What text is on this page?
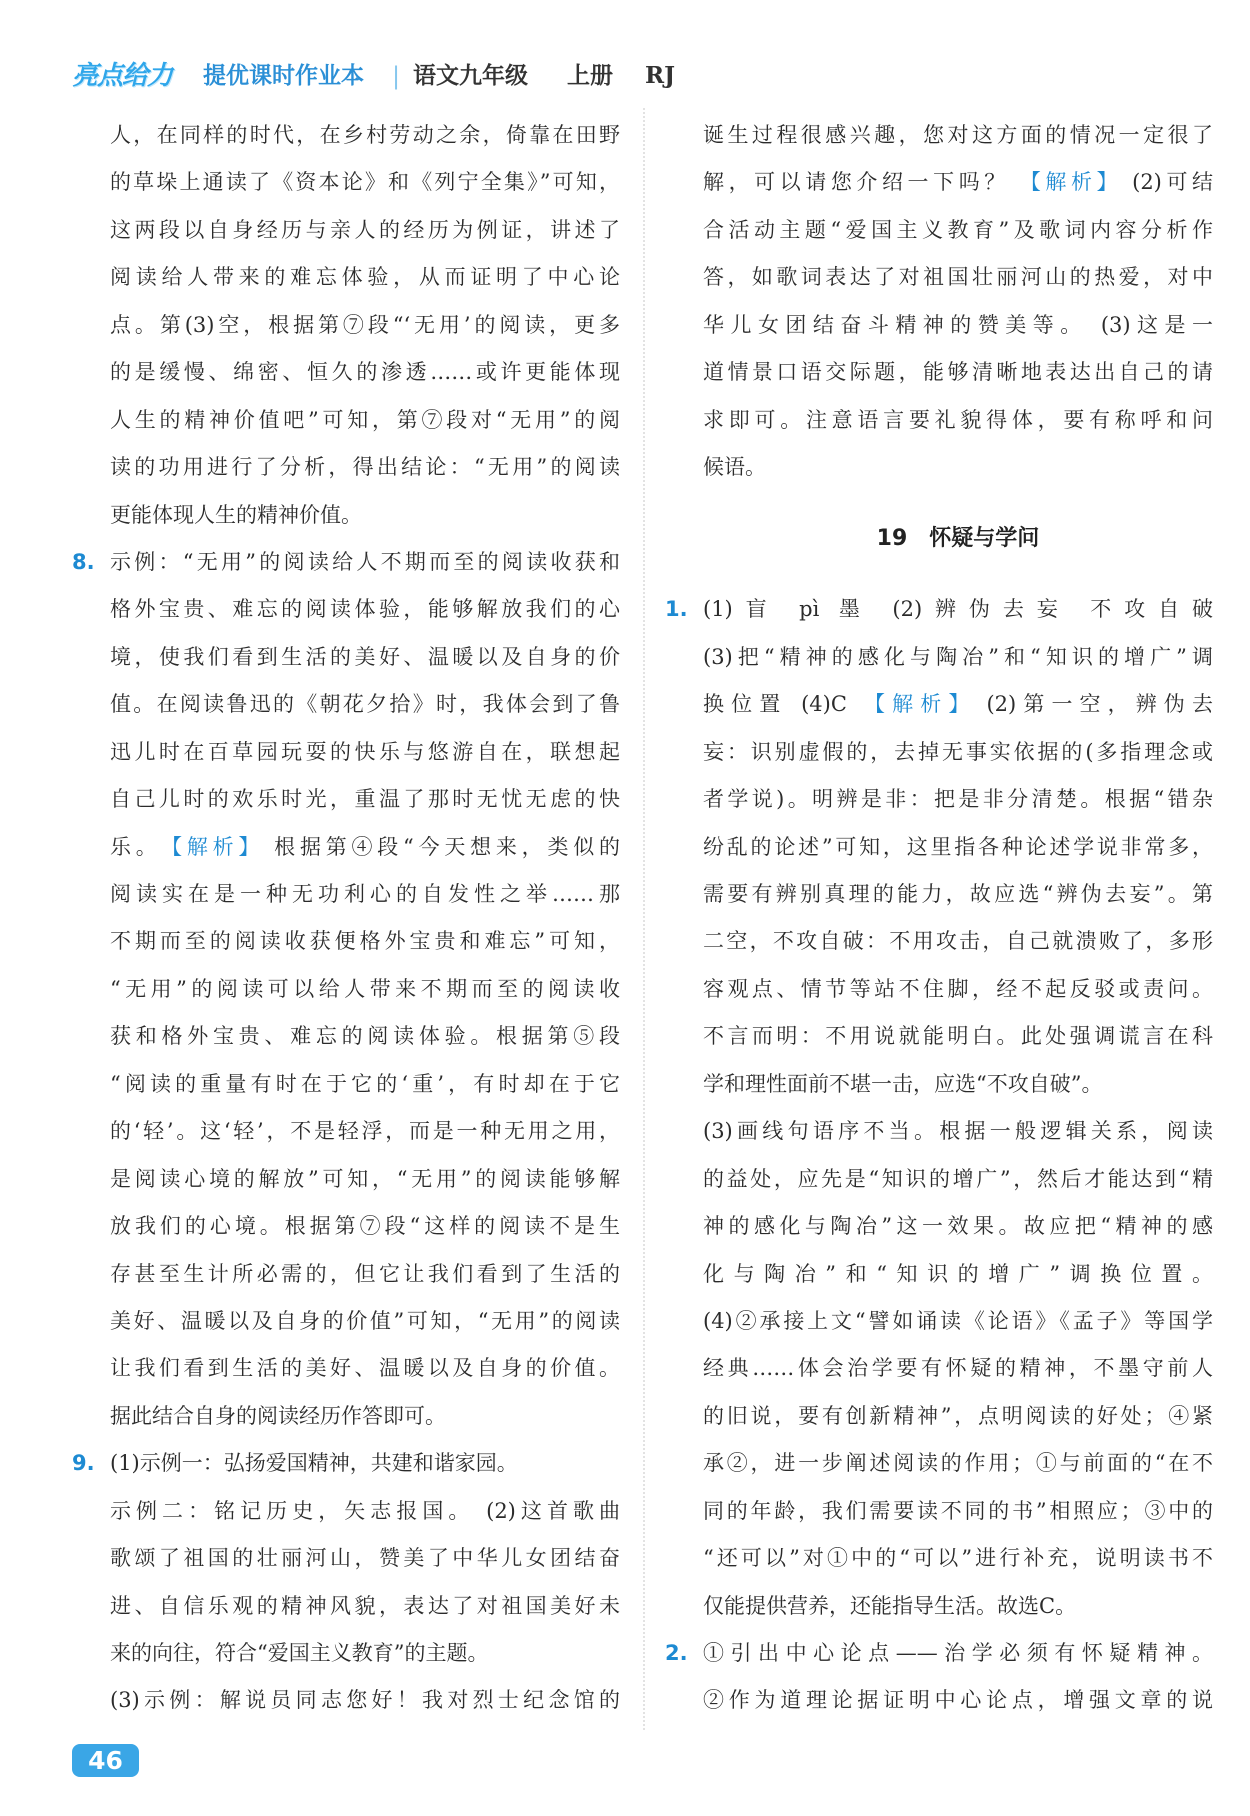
亮点给力 提优课时作业本 | 语文九年级 上册 RJ
人，在同样的时代，在乡村劳动之余，倚靠在田野
的草垛上通读了《资本论》和《列宁全集》”可知，
这两段以自身经历与亲人的经历为例证，讲述了
阅读给人带来的难忘体验，从而证明了中心论
点。第(3)空，根据第⑦段“‘无用’的阅读，更多
的是缓慢、绵密、恒久的渗透……或许更能体现
人生的精神价值吧”可知，第⑦段对“无用”的阅
读的功用进行了分析，得出结论：“无用”的阅读
更能体现人生的精神价值。
8. 示例：“无用”的阅读给人不期而至的阅读收获和
格外宝贵、难忘的阅读体验，能够解放我们的心
境，使我们看到生活的美好、温暖以及自身的价
值。在阅读鲁迅的《朝花夕拾》时，我体会到了鲁
迅儿时在百草园玩耍的快乐与悠游自在，联想起
自己儿时的欢乐时光，重温了那时无忧无虑的快
乐。 【解析】 根据第④段“今天想来，类似的
阅读实在是一种无功利心的自发性之举……那
不期而至的阅读收获便格外宝贵和难忘”可知，
“无用”的阅读可以给人带来不期而至的阅读收
获和格外宝贵、难忘的阅读体验。根据第⑤段
“阅读的重量有时在于它的‘重’，有时却在于它
的‘轻’。这‘轻’，不是轻浮，而是一种无用之用，
是阅读心境的解放”可知，“无用”的阅读能够解
放我们的心境。根据第⑦段“这样的阅读不是生
存甚至生计所必需的，但它让我们看到了生活的
美好、温暖以及自身的价值”可知，“无用”的阅读
让我们看到生活的美好、温暖以及自身的价值。
据此结合自身的阅读经历作答即可。
9. (1)示例一：弘扬爱国精神，共建和谐家园。
示例二：铭记历史，矢志报国。 (2)这首歌曲
歌颂了祖国的壮丽河山，赞美了中华儿女团结奋
进、自信乐观的精神风貌，表达了对祖国美好未
来的向往，符合“爱国主义教育”的主题。
(3)示例：解说员同志您好！我对烈士纪念馆的
诞生过程很感兴趣，您对这方面的情况一定很了
解，可以请您介绍一下吗？ 【解析】 (2)可结
合活动主题“爱国主义教育”及歌词内容分析作
答，如歌词表达了对祖国壮丽河山的热爱，对中
华儿女团结奋斗精神的赞美等。 (3)这是一
道情景口语交际题，能够清晰地表达出自己的请
求即可。注意语言要礼貌得体，要有称呼和问
候语。
19 怀疑与学问
1. (1)盲 pì 墨 (2)辨伪去妄 不攻自破
(3)把“精神的感化与陶冶”和“知识的增广”调
换位置 (4)C 【解析】 (2)第一空，辨伪去
妄：识别虚假的，去掉无事实依据的(多指理念或
者学说)。明辨是非：把是非分清楚。根据“错杂
纷乱的论述”可知，这里指各种论述学说非常多，
需要有辨别真理的能力，故应选“辨伪去妄”。第
二空，不攻自破：不用攻击，自己就溃败了，多形
容观点、情节等站不住脚，经不起反驳或责问。
不言而明：不用说就能明白。此处强调谎言在科
学和理性面前不堪一击，应选“不攻自破”。
(3)画线句语序不当。根据一般逻辑关系，阅读
的益处，应先是“知识的增广”，然后才能达到“精
神的感化与陶冶”这一效果。故应把“精神的感
化与陶冶”和“知识的增广”调换位置。
(4)②承接上文“譬如诵读《论语》《孟子》等国学
经典……体会治学要有怀疑的精神，不墨守前人
的旧说，要有创新精神”，点明阅读的好处；④紧
承②，进一步阐述阅读的作用；①与前面的“在不
同的年龄，我们需要读不同的书”相照应；③中的
“还可以”对①中的“可以”进行补充，说明读书不
仅能提供营养，还能指导生活。故选C。
2. ①引出中心论点——治学必须有怀疑精神。
②作为道理论据证明中心论点，增强文章的说
46
